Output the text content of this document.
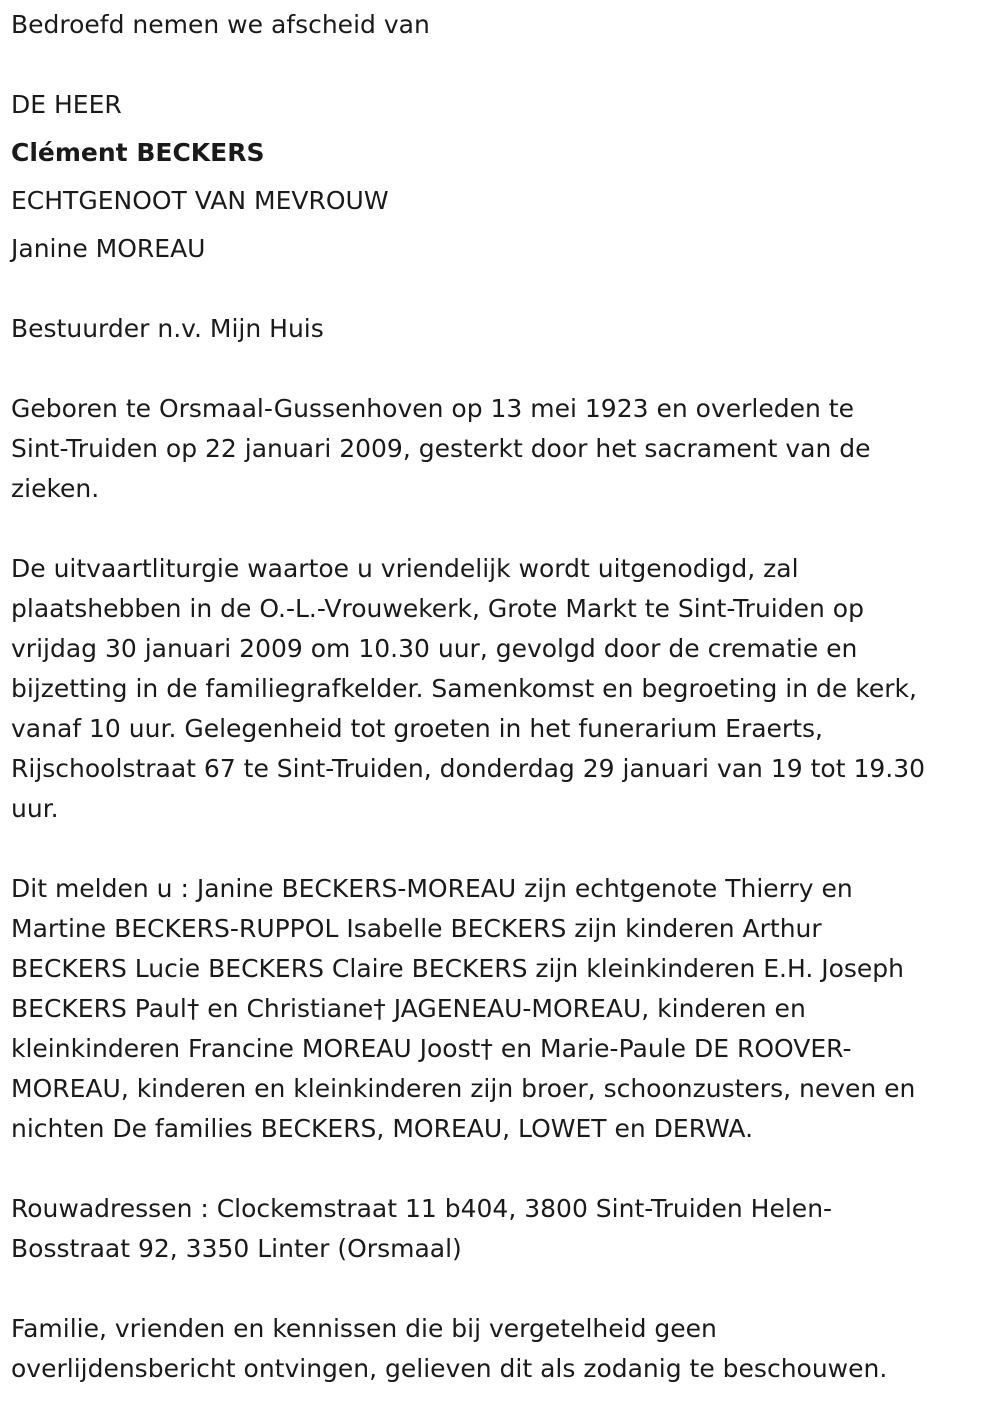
Bedroefd nemen we afscheid van

DE HEER

Clément BECKERS

ECHTGENOOT VAN MEVROUW

Janine MOREAU

Bestuurder n.v. Mijn Huis

Geboren te Orsmaal-Gussenhoven op 13 mei 1923 en overleden te
Sint-Truiden op 22 januari 2009, gesterkt door het sacrament van de
zieken.

De uitvaartliturgie waartoe u vriendelijk wordt uitgenodigd, zal
plaatshebben in de O.-L.-Vrouwekerk, Grote Markt te Sint-Truiden op
vrijdag 30 januari 2009 om 10.30 uur, gevolgd door de crematie en
bijzetting in de familiegrafkelder. Samenkomst en begroeting in de kerk,
vanaf 10 uur. Gelegenheid tot groeten in het funerarium Eraerts,
Rijschoolstraat 67 te Sint-Truiden, donderdag 29 januari van 19 tot 19.30
uur.

Dit melden u : Janine BECKERS-MOREAU zijn echtgenote Thierry en
Martine BECKERS-RUPPOL Isabelle BECKERS zijn kinderen Arthur
BECKERS Lucie BECKERS Claire BECKERS zijn kleinkinderen E.H. Joseph
BECKERS Paul† en Christiane† JAGENEAU-MOREAU, kinderen en
kleinkinderen Francine MOREAU Joost† en Marie-Paule DE ROOVER-
MOREAU, kinderen en kleinkinderen zijn broer, schoonzusters, neven en
nichten De families BECKERS, MOREAU, LOWET en DERWA.

Rouwadressen : Clockemstraat 11 b404, 3800 Sint-Truiden Helen-
Bosstraat 92, 3350 Linter (Orsmaal)

Familie, vrienden en kennissen die bij vergetelheid geen
overlijdensbericht ontvingen, gelieven dit als zodanig te beschouwen.
